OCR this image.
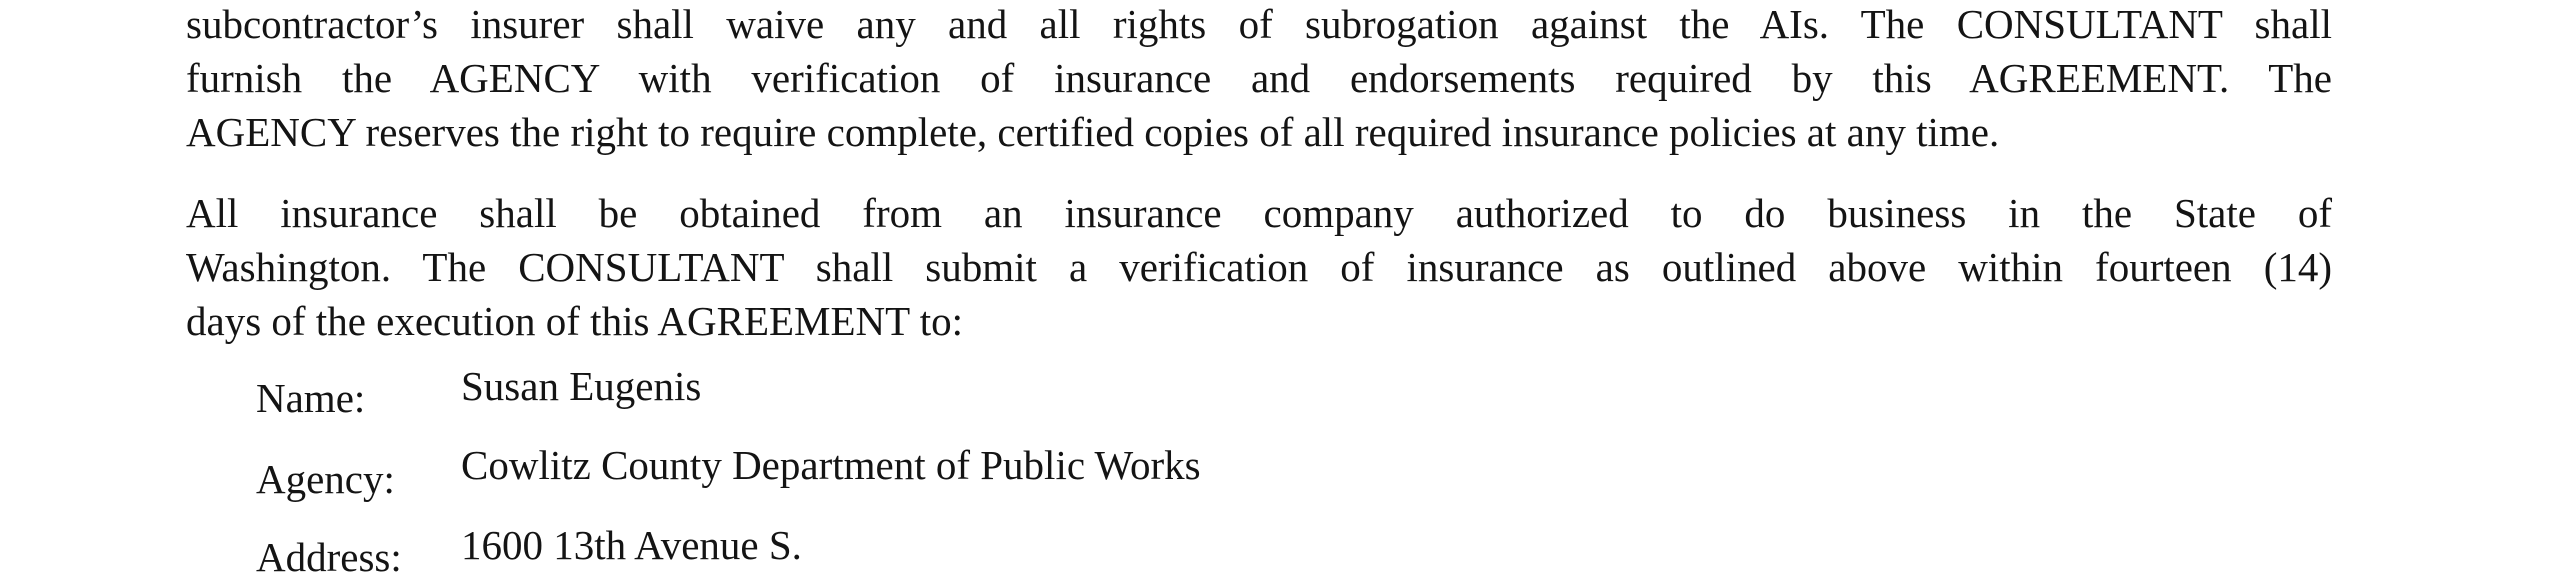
subcontractor’s insurer shall waive any and all rights of subrogation against the AIs. The CONSULTANT shall
furnish the AGENCY with verification of insurance and endorsements required by this AGREEMENT. The
AGENCY reserves the right to require complete, certified copies of all required insurance policies at any time.

All insurance shall be obtained from an insurance company authorized to do business in the State of
Washington. The CONSULTANT shall submit a verification of insurance as outlined above within fourteen (14)
days of the execution of this AGREEMENT to:

Name: Susan Eugenis
Agency: Cowlitz County Department of Public Works
Address: 1600 13th Avenue S.
